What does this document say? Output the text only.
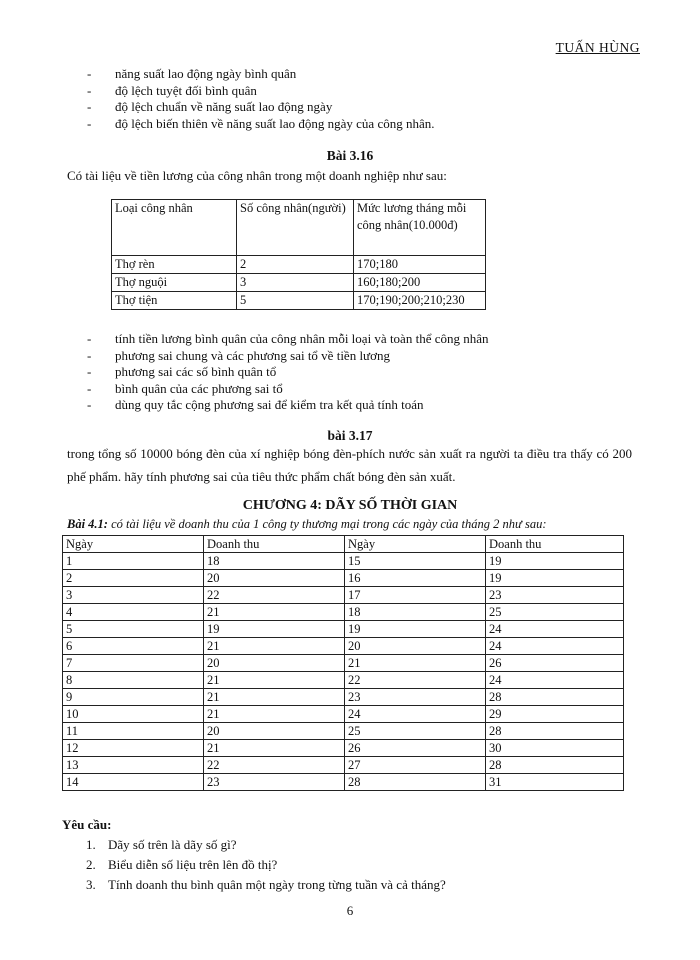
TUẤN HÙNG
- năng suất lao động ngày bình quân
- độ lệch tuyệt đối bình quân
- độ lệch chuẩn về năng suất lao động ngày
- độ lệch biến thiên về năng suất lao động ngày của công nhân.
Bài 3.16
Có tài liệu về tiền lương của công nhân trong một doanh nghiệp như sau:
Loại công nhân	Số công nhân(người)	Mức lương tháng mỗi công nhân(10.000đ)
Thợ rèn	2	170;180
Thợ nguội	3	160;180;200
Thợ tiện	5	170;190;200;210;230
- tính tiền lương bình quân của công nhân mỗi loại và toàn thể công nhân
- phương sai chung và các phương sai tổ về tiền lương
- phương sai các số bình quân tổ
- bình quân của các phương sai tổ
- dùng quy tắc cộng phương sai để kiểm tra kết quả tính toán
bài 3.17
trong tổng số 10000 bóng đèn của xí nghiệp bóng đèn-phích nước sản xuất ra người ta điều tra thấy có 200 phế phẩm. hãy tính phương sai của tiêu thức phẩm chất bóng đèn sản xuất.
CHƯƠNG 4: DÃY SỐ THỜI GIAN
Bài 4.1: có tài liệu về doanh thu của 1 công ty thương mại trong các ngày của tháng 2 như sau:
Ngày	Doanh thu	Ngày	Doanh thu
1	18	15	19
2	20	16	19
3	22	17	23
4	21	18	25
5	19	19	24
6	21	20	24
7	20	21	26
8	21	22	24
9	21	23	28
10	21	24	29
11	20	25	28
12	21	26	30
13	22	27	28
14	23	28	31
Yêu cầu:
1. Dãy số trên là dãy số gì?
2. Biểu diễn số liệu trên lên đồ thị?
3. Tính doanh thu bình quân một ngày trong từng tuần và cả tháng?
6
